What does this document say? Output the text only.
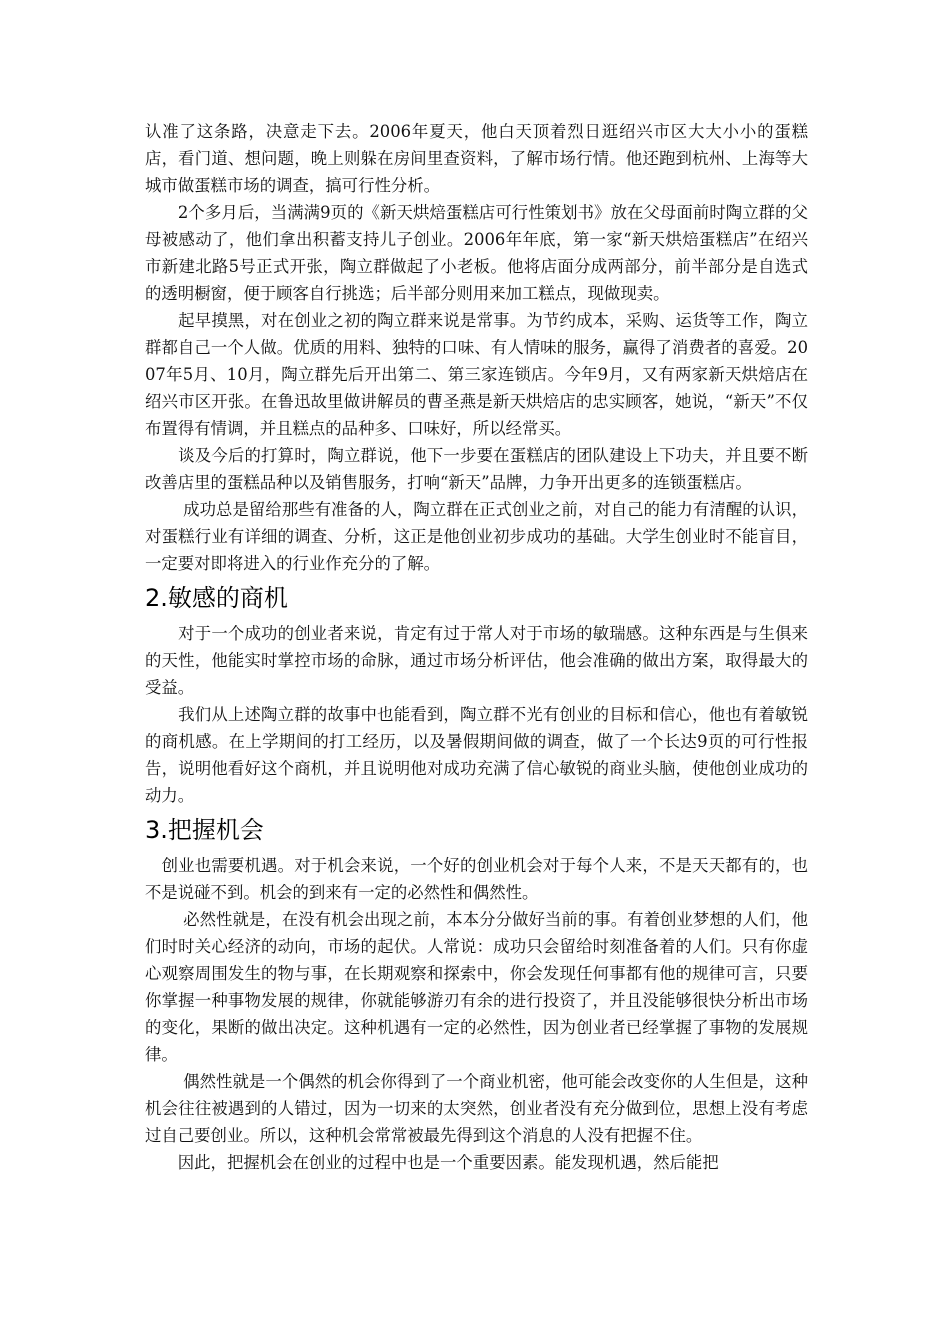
认准了这条路，决意走下去。2006年夏天，他白天顶着烈日逛绍兴市区大大小小的蛋糕店，看门道、想问题，晚上则躲在房间里查资料，了解市场行情。他还跑到杭州、上海等大城市做蛋糕市场的调查，搞可行性分析。

　　2个多月后，当满满9页的《新天烘焙蛋糕店可行性策划书》放在父母面前时陶立群的父母被感动了，他们拿出积蓄支持儿子创业。2006年年底，第一家“新天烘焙蛋糕店”在绍兴市新建北路5号正式开张，陶立群做起了小老板。他将店面分成两部分，前半部分是自选式的透明橱窗，便于顾客自行挑选；后半部分则用来加工糕点，现做现卖。

　　起早摸黑，对在创业之初的陶立群来说是常事。为节约成本，采购、运货等工作，陶立群都自己一个人做。优质的用料、独特的口味、有人情味的服务，赢得了消费者的喜爱。2007年5月、10月，陶立群先后开出第二、第三家连锁店。今年9月，又有两家新天烘焙店在绍兴市区开张。在鲁迅故里做讲解员的曹圣燕是新天烘焙店的忠实顾客，她说，“新天”不仅布置得有情调，并且糕点的品种多、口味好，所以经常买。

　　谈及今后的打算时，陶立群说，他下一步要在蛋糕店的团队建设上下功夫，并且要不断改善店里的蛋糕品种以及销售服务，打响“新天”品牌，力争开出更多的连锁蛋糕店。

　　 成功总是留给那些有准备的人，陶立群在正式创业之前，对自己的能力有清醒的认识，对蛋糕行业有详细的调查、分析，这正是他创业初步成功的基础。大学生创业时不能盲目，一定要对即将进入的行业作充分的了解。

2.敏感的商机

　　对于一个成功的创业者来说，肯定有过于常人对于市场的敏瑞感。这种东西是与生俱来的天性，他能实时掌控市场的命脉，通过市场分析评估，他会准确的做出方案，取得最大的受益。

　　我们从上述陶立群的故事中也能看到，陶立群不光有创业的目标和信心，他也有着敏锐的商机感。在上学期间的打工经历，以及暑假期间做的调查，做了一个长达9页的可行性报告，说明他看好这个商机，并且说明他对成功充满了信心敏锐的商业头脑，使他创业成功的动力。

3.把握机会

　创业也需要机遇。对于机会来说，一个好的创业机会对于每个人来，不是天天都有的，也不是说碰不到。机会的到来有一定的必然性和偶然性。

　　 必然性就是，在没有机会出现之前，本本分分做好当前的事。有着创业梦想的人们，他们时时关心经济的动向，市场的起伏。人常说：成功只会留给时刻准备着的人们。只有你虚心观察周围发生的物与事，在长期观察和探索中，你会发现任何事都有他的规律可言，只要你掌握一种事物发展的规律，你就能够游刃有余的进行投资了，并且没能够很快分析出市场的变化，果断的做出决定。这种机遇有一定的必然性，因为创业者已经掌握了事物的发展规律。

　　 偶然性就是一个偶然的机会你得到了一个商业机密，他可能会改变你的人生但是，这种机会往往被遇到的人错过，因为一切来的太突然，创业者没有充分做到位，思想上没有考虑过自己要创业。所以，这种机会常常被最先得到这个消息的人没有把握不住。

　　因此，把握机会在创业的过程中也是一个重要因素。能发现机遇，然后能把
